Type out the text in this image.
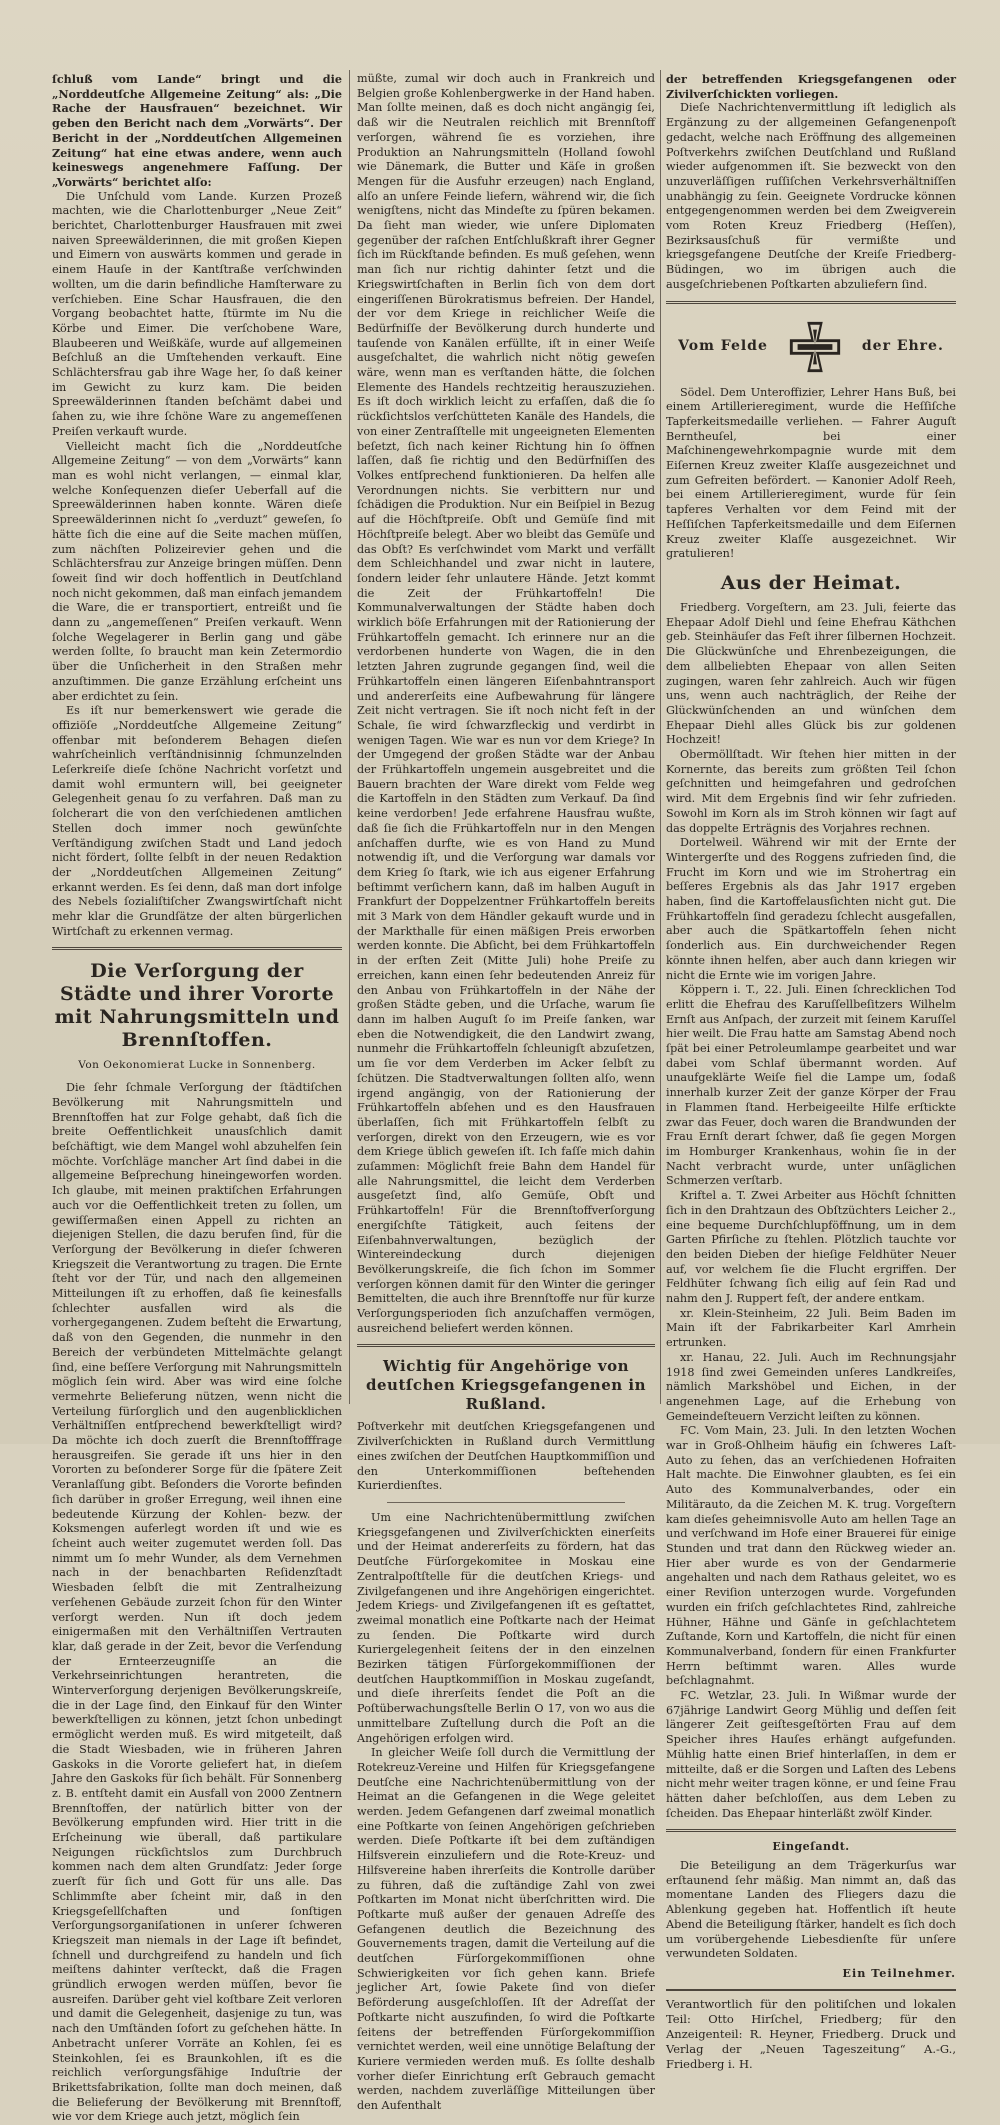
ſchluß vom Lande“ bringt und die „Norddeutſche Allgemeine Zeitung“ als: „Die Rache der Hausfrauen“ bezeichnet. Wir geben den Bericht nach dem „Vorwärts“. Der Bericht in der „Norddeutſchen Allgemeinen Zeitung“ hat eine etwas andere, wenn auch keineswegs angenehmere Faſſung. Der „Vorwärts“ berichtet alſo:

Die Unſchuld vom Lande. Kurzen Prozeß machten, wie die Charlottenburger „Neue Zeit“ berichtet, Charlottenburger Hausfrauen mit zwei naiven Spreewälderinnen, die mit großen Kiepen und Eimern von auswärts kommen und gerade in einem Hauſe in der Kantſtraße verſchwinden wollten, um die darin befindliche Hamſterware zu verſchieben. Eine Schar Hausfrauen, die den Vorgang beobachtet hatte, ſtürmte im Nu die Körbe und Eimer. Die verſchobene Ware, Blaubeeren und Weißkäſe, wurde auf allgemeinen Beſchluß an die Umſtehenden verkauft. Eine Schlächtersfrau gab ihre Wage her, ſo daß keiner im Gewicht zu kurz kam. Die beiden Spreewälderinnen ſtanden beſchämt dabei und ſahen zu, wie ihre ſchöne Ware zu angemeſſenen Preiſen verkauft wurde.

Vielleicht macht ſich die „Norddeutſche Allgemeine Zeitung“ — von dem „Vorwärts“ kann man es wohl nicht verlangen, — einmal klar, welche Konſequenzen dieſer Ueberfall auf die Spreewälderinnen haben konnte. Wären dieſe Spreewälderinnen nicht ſo „verduzt“ geweſen, ſo hätte ſich die eine auf die Seite machen müſſen, zum nächſten Polizeirevier gehen und die Schlächtersfrau zur Anzeige bringen müſſen. Denn ſoweit ſind wir doch hoffentlich in Deutſchland noch nicht gekommen, daß man einfach jemandem die Ware, die er transportiert, entreißt und ſie dann zu „angemeſſenen“ Preiſen verkauft. Wenn ſolche Wegelagerer in Berlin gang und gäbe werden ſollte, ſo braucht man kein Zetermordio über die Unſicherheit in den Straßen mehr anzuſtimmen. Die ganze Erzählung erſcheint uns aber erdichtet zu ſein.

Es iſt nur bemerkenswert wie gerade die offiziöſe „Norddeutſche Allgemeine Zeitung“ offenbar mit beſonderem Behagen dieſen wahrſcheinlich verſtändnisinnig ſchmunzelnden Leſerkreiſe dieſe ſchöne Nachricht vorſetzt und damit wohl ermuntern will, bei geeigneter Gelegenheit genau ſo zu verfahren. Daß man zu ſolcherart die von den verſchiedenen amtlichen Stellen doch immer noch gewünſchte Verſtändigung zwiſchen Stadt und Land jedoch nicht fördert, ſollte ſelbſt in der neuen Redaktion der „Norddeutſchen Allgemeinen Zeitung“ erkannt werden. Es ſei denn, daß man dort infolge des Nebels ſozialiſtiſcher Zwangswirtſchaft nicht mehr klar die Grundſätze der alten bürgerlichen Wirtſchaft zu erkennen vermag.

Die Verſorgung der Städte und ihrer Vororte mit Nahrungsmitteln und Brennſtoffen.
Von Oekonomierat Lucke in Sonnenberg.

Die ſehr ſchmale Verſorgung der ſtädtiſchen Bevölkerung mit Nahrungsmitteln und Brennſtoffen hat zur Folge gehabt, daß ſich die breite Oeffentlichkeit unausſchlich damit beſchäftigt, wie dem Mangel wohl abzuhelfen ſein möchte. Vorſchläge mancher Art ſind dabei in die allgemeine Beſprechung hineingeworfen worden. Ich glaube, mit meinen praktiſchen Erfahrungen auch vor die Oeffentlichkeit treten zu ſollen, um gewiſſermaßen einen Appell zu richten an diejenigen Stellen, die dazu berufen ſind, für die Verſorgung der Bevölkerung in dieſer ſchweren Kriegszeit die Verantwortung zu tragen. Die Ernte ſteht vor der Tür, und nach den allgemeinen Mitteilungen iſt zu erhoffen, daß ſie keinesfalls ſchlechter ausfallen wird als die vorhergegangenen. Zudem beſteht die Erwartung, daß von den Gegenden, die nunmehr in den Bereich der verbündeten Mittelmächte gelangt ſind, eine beſſere Verſorgung mit Nahrungsmitteln möglich ſein wird. Aber was wird eine ſolche vermehrte Belieferung nützen, wenn nicht die Verteilung fürſorglich und den augenblicklichen Verhältniſſen entſprechend bewerkſtelligt wird? Da möchte ich doch zuerſt die Brennſtofffrage herausgreifen. Sie gerade iſt uns hier in den Vororten zu beſonderer Sorge für die ſpätere Zeit Veranlaſſung gibt. Beſonders die Vororte befinden ſich darüber in großer Erregung, weil ihnen eine bedeutende Kürzung der Kohlen- bezw. der Koksmengen auferlegt worden iſt und wie es ſcheint auch weiter zugemutet werden ſoll. Das nimmt um ſo mehr Wunder, als dem Vernehmen nach in der benachbarten Reſidenzſtadt Wiesbaden ſelbſt die mit Zentralheizung verſehenen Gebäude zurzeit ſchon für den Winter verſorgt werden. Nun iſt doch jedem einigermaßen mit den Verhältniſſen Vertrauten klar, daß gerade in der Zeit, bevor die Verſendung der Ernteerzeugniſſe an die Verkehrseinrichtungen herantreten, die Winterverſorgung derjenigen Bevölkerungskreiſe, die in der Lage ſind, den Einkauf für den Winter bewerkſtelligen zu können, jetzt ſchon unbedingt ermöglicht werden muß. Es wird mitgeteilt, daß die Stadt Wiesbaden, wie in früheren Jahren Gaskoks in die Vororte geliefert hat, in dieſem Jahre den Gaskoks für ſich behält. Für Sonnenberg z. B. entſteht damit ein Ausfall von 2000 Zentnern Brennſtoffen, der natürlich bitter von der Bevölkerung empfunden wird. Hier tritt in die Erſcheinung wie überall, daß partikulare Neigungen rückſichtslos zum Durchbruch kommen nach dem alten Grundſatz: Jeder ſorge zuerſt für ſich und Gott für uns alle. Das Schlimmſte aber ſcheint mir, daß in den Kriegsgeſellſchaften und ſonſtigen Verſorgungsorganiſationen in unſerer ſchweren Kriegszeit man niemals in der Lage iſt befindet, ſchnell und durchgreifend zu handeln und ſich meiſtens dahinter verſteckt, daß die Fragen gründlich erwogen werden müſſen, bevor ſie ausreifen. Darüber geht viel koſtbare Zeit verloren und damit die Gelegenheit, dasjenige zu tun, was nach den Umſtänden ſofort zu geſchehen hätte. In Anbetracht unſerer Vorräte an Kohlen, ſei es Steinkohlen, ſei es Braunkohlen, iſt es die reichlich verſorgungsfähige Induſtrie der Brikettsfabrikation, ſollte man doch meinen, daß die Belieferung der Bevölkerung mit Brennſtoff, wie vor dem Kriege auch jetzt, möglich ſein

müßte, zumal wir doch auch in Frankreich und Belgien große Kohlenbergwerke in der Hand haben. Man ſollte meinen, daß es doch nicht angängig ſei, daß wir die Neutralen reichlich mit Brennſtoff verſorgen, während ſie es vorziehen, ihre Produktion an Nahrungsmitteln (Holland ſowohl wie Dänemark, die Butter und Käſe in großen Mengen für die Ausfuhr erzeugen) nach England, alſo an unſere Feinde liefern, während wir, die ſich wenigſtens, nicht das Mindeſte zu ſpüren bekamen. Da ſieht man wieder, wie unſere Diplomaten gegenüber der raſchen Entſchlußkraft ihrer Gegner ſich im Rückſtande befinden. Es muß geſehen, wenn man ſich nur richtig dahinter ſetzt und die Kriegswirtſchaften in Berlin ſich von dem dort eingeriſſenen Bürokratismus befreien. Der Handel, der vor dem Kriege in reichlicher Weiſe die Bedürfniſſe der Bevölkerung durch hunderte und tauſende von Kanälen erfüllte, iſt in einer Weiſe ausgeſchaltet, die wahrlich nicht nötig geweſen wäre, wenn man es verſtanden hätte, die ſolchen Elemente des Handels rechtzeitig herauszuziehen. Es iſt doch wirklich leicht zu erfaſſen, daß die ſo rückſichtslos verſchütteten Kanäle des Handels, die von einer Zentraſſtelle mit ungeeigneten Elementen beſetzt, ſich nach keiner Richtung hin ſo öffnen laſſen, daß ſie richtig und den Bedürfniſſen des Volkes entſprechend funktionieren. Da helfen alle Verordnungen nichts. Sie verbittern nur und ſchädigen die Produktion. Nur ein Beiſpiel in Bezug auf die Höchſtpreiſe. Obſt und Gemüſe ſind mit Höchſtpreiſe belegt. Aber wo bleibt das Gemüſe und das Obſt? Es verſchwindet vom Markt und verfällt dem Schleichhandel und zwar nicht in lautere, ſondern leider ſehr unlautere Hände. Jetzt kommt die Zeit der Frühkartoffeln! Die Kommunalverwaltungen der Städte haben doch wirklich böſe Erfahrungen mit der Rationierung der Frühkartoffeln gemacht. Ich erinnere nur an die verdorbenen hunderte von Wagen, die in den letzten Jahren zugrunde gegangen ſind, weil die Frühkartoffeln einen längeren Eiſenbahntransport und andererſeits eine Aufbewahrung für längere Zeit nicht vertragen. Sie iſt noch nicht feſt in der Schale, ſie wird ſchwarzfleckig und verdirbt in wenigen Tagen. Wie war es nun vor dem Kriege? In der Umgegend der großen Städte war der Anbau der Frühkartoffeln ungemein ausgebreitet und die Bauern brachten der Ware direkt vom Felde weg die Kartoffeln in den Städten zum Verkauf. Da ſind keine verdorben! Jede erfahrene Hausfrau wußte, daß ſie ſich die Frühkartoffeln nur in den Mengen anſchaffen durfte, wie es von Hand zu Mund notwendig iſt, und die Verſorgung war damals vor dem Krieg ſo ſtark, wie ich aus eigener Erfahrung beſtimmt verſichern kann, daß im halben Auguſt in Frankfurt der Doppelzentner Frühkartoffeln bereits mit 3 Mark von dem Händler gekauft wurde und in der Markthalle für einen mäßigen Preis erworben werden konnte. Die Abſicht, bei dem Frühkartoffeln in der erſten Zeit (Mitte Juli) hohe Preiſe zu erreichen, kann einen ſehr bedeutenden Anreiz für den Anbau von Frühkartoffeln in der Nähe der großen Städte geben, und die Urſache, warum ſie dann im halben Auguſt ſo im Preiſe ſanken, war eben die Notwendigkeit, die den Landwirt zwang, nunmehr die Frühkartoffeln ſchleunigſt abzuſetzen, um ſie vor dem Verderben im Acker ſelbſt zu ſchützen. Die Stadtverwaltungen ſollten alſo, wenn irgend angängig, von der Rationierung der Frühkartoffeln abſehen und es den Hausfrauen überlaſſen, ſich mit Frühkartoffeln ſelbſt zu verſorgen, direkt von den Erzeugern, wie es vor dem Kriege üblich geweſen iſt. Ich faſſe mich dahin zuſammen: Möglichſt freie Bahn dem Handel für alle Nahrungsmittel, die leicht dem Verderben ausgeſetzt ſind, alſo Gemüſe, Obſt und Frühkartoffeln! Für die Brennſtoffverſorgung energiſchſte Tätigkeit, auch ſeitens der Eiſenbahnverwaltungen, bezüglich der Wintereindeckung durch diejenigen Bevölkerungskreiſe, die ſich ſchon im Sommer verſorgen können damit für den Winter die geringer Bemittelten, die auch ihre Brennſtoffe nur für kurze Verſorgungsperioden ſich anzuſchaffen vermögen, ausreichend beliefert werden können.

Wichtig für Angehörige von deutſchen Kriegsgefangenen in Rußland.

Poſtverkehr mit deutſchen Kriegsgefangenen und Zivilverſchickten in Rußland durch Vermittlung eines zwiſchen der Deutſchen Hauptkommiſſion und den Unterkommiſſionen beſtehenden Kurierdienſtes.

Um eine Nachrichtenübermittlung zwiſchen Kriegsgefangenen und Zivilverſchickten einerſeits und der Heimat andererſeits zu fördern, hat das Deutſche Fürſorgekomitee in Moskau eine Zentralpoſtſtelle für die deutſchen Kriegs- und Zivilgefangenen und ihre Angehörigen eingerichtet. Jedem Kriegs- und Zivilgefangenen iſt es geſtattet, zweimal monatlich eine Poſtkarte nach der Heimat zu ſenden. Die Poſtkarte wird durch Kuriergelegenheit ſeitens der in den einzelnen Bezirken tätigen Fürſorgekommiſſionen der deutſchen Hauptkommiſſion in Moskau zugeſandt, und dieſe ihrerſeits ſendet die Poſt an die Poſtüberwachungsſtelle Berlin O 17, von wo aus die unmittelbare Zuſtellung durch die Poſt an die Angehörigen erfolgen wird.

In gleicher Weiſe ſoll durch die Vermittlung der Rotekreuz-Vereine und Hilfen für Kriegsgefangene Deutſche eine Nachrichtenübermittlung von der Heimat an die Gefangenen in die Wege geleitet werden. Jedem Gefangenen darf zweimal monatlich eine Poſtkarte von ſeinen Angehörigen geſchrieben werden. Dieſe Poſtkarte iſt bei dem zuſtändigen Hilfsverein einzuliefern und die Rote-Kreuz- und Hilfsvereine haben ihrerſeits die Kontrolle darüber zu führen, daß die zuſtändige Zahl von zwei Poſtkarten im Monat nicht überſchritten wird. Die Poſtkarte muß außer der genauen Adreſſe des Gefangenen deutlich die Bezeichnung des Gouvernements tragen, damit die Verteilung auf die deutſchen Fürſorgekommiſſionen ohne Schwierigkeiten vor ſich gehen kann. Briefe jeglicher Art, ſowie Pakete ſind von dieſer Beförderung ausgeſchloſſen. Iſt der Adreſſat der Poſtkarte nicht auszufinden, ſo wird die Poſtkarte ſeitens der betreffenden Fürſorgekommiſſion vernichtet werden, weil eine unnötige Belaſtung der Kuriere vermieden werden muß. Es ſollte deshalb vorher dieſer Einrichtung erſt Gebrauch gemacht werden, nachdem zuverläſſige Mitteilungen über den Aufenthalt

der betreffenden Kriegsgefangenen oder Zivilverſchickten vorliegen.

Dieſe Nachrichtenvermittlung iſt lediglich als Ergänzung zu der allgemeinen Gefangenenpoſt gedacht, welche nach Eröffnung des allgemeinen Poſtverkehrs zwiſchen Deutſchland und Rußland wieder aufgenommen iſt. Sie bezweckt von den unzuverläſſigen ruſſiſchen Verkehrsverhältniſſen unabhängig zu ſein. Geeignete Vordrucke können entgegengenommen werden bei dem Zweigverein vom Roten Kreuz Friedberg (Heſſen), Bezirksausſchuß für vermißte und kriegsgefangene Deutſche der Kreiſe Friedberg-Büdingen, wo im übrigen auch die ausgeſchriebenen Poſtkarten abzuliefern ſind.

Vom Felde	der Ehre.

Södel. Dem Unteroffizier, Lehrer Hans Buß, bei einem Artillerieregiment, wurde die Heſſiſche Tapferkeitsmedaille verliehen. — Fahrer Auguſt Berntheuſel, bei einer Maſchinengewehrkompagnie wurde mit dem Eiſernen Kreuz zweiter Klaſſe ausgezeichnet und zum Gefreiten befördert. — Kanonier Adolf Reeh, bei einem Artillerieregiment, wurde für ſein tapferes Verhalten vor dem Feind mit der Heſſiſchen Tapferkeitsmedaille und dem Eiſernen Kreuz zweiter Klaſſe ausgezeichnet. Wir gratulieren!

Aus der Heimat.

Friedberg. Vorgeſtern, am 23. Juli, feierte das Ehepaar Adolf Diehl und ſeine Ehefrau Käthchen geb. Steinhäuſer das Feſt ihrer ſilbernen Hochzeit. Die Glückwünſche und Ehrenbezeigungen, die dem allbeliebten Ehepaar von allen Seiten zugingen, waren ſehr zahlreich. Auch wir fügen uns, wenn auch nachträglich, der Reihe der Glückwünſchenden an und wünſchen dem Ehepaar Diehl alles Glück bis zur goldenen Hochzeit!

Obermöllſtadt. Wir ſtehen hier mitten in der Kornernte, das bereits zum größten Teil ſchon geſchnitten und heimgefahren und gedroſchen wird. Mit dem Ergebnis ſind wir ſehr zufrieden. Sowohl im Korn als im Stroh können wir ſagt auf das doppelte Erträgnis des Vorjahres rechnen.

Dortelweil. Während wir mit der Ernte der Wintergerſte und des Roggens zufrieden ſind, die Frucht im Korn und wie im Strohertrag ein beſſeres Ergebnis als das Jahr 1917 ergeben haben, ſind die Kartoffelausſichten nicht gut. Die Frühkartoffeln ſind geradezu ſchlecht ausgefallen, aber auch die Spätkartoffeln ſehen nicht ſonderlich aus. Ein durchweichender Regen könnte ihnen helfen, aber auch dann kriegen wir nicht die Ernte wie im vorigen Jahre.

Köppern i. T., 22. Juli. Einen ſchrecklichen Tod erlitt die Ehefrau des Karuſſellbeſitzers Wilhelm Ernſt aus Anſpach, der zurzeit mit ſeinem Karuſſel hier weilt. Die Frau hatte am Samstag Abend noch ſpät bei einer Petroleumlampe gearbeitet und war dabei vom Schlaf übermannt worden. Auf unaufgeklärte Weiſe fiel die Lampe um, ſodaß innerhalb kurzer Zeit der ganze Körper der Frau in Flammen ſtand. Herbeigeeilte Hilfe erſtickte zwar das Feuer, doch waren die Brandwunden der Frau Ernſt derart ſchwer, daß ſie gegen Morgen im Homburger Krankenhaus, wohin ſie in der Nacht verbracht wurde, unter unſäglichen Schmerzen verſtarb.

Kriftel a. T. Zwei Arbeiter aus Höchſt ſchnitten ſich in den Drahtzaun des Obſtzüchters Leicher 2., eine bequeme Durchſchlupföffnung, um in dem Garten Pfirſiche zu ſtehlen. Plötzlich tauchte vor den beiden Dieben der hieſige Feldhüter Neuer auf, vor welchem ſie die Flucht ergriffen. Der Feldhüter ſchwang ſich eilig auf ſein Rad und nahm den J. Ruppert feſt, der andere entkam.

xr. Klein-Steinheim, 22 Juli. Beim Baden im Main iſt der Fabrikarbeiter Karl Amrhein ertrunken.

xr. Hanau, 22. Juli. Auch im Rechnungsjahr 1918 ſind zwei Gemeinden unſeres Landkreiſes, nämlich Markshöbel und Eichen, in der angenehmen Lage, auf die Erhebung von Gemeindeſteuern Verzicht leiſten zu können.

FC. Vom Main, 23. Juli. In den letzten Wochen war in Groß-Ohlheim häufig ein ſchweres Laſt-Auto zu ſehen, das an verſchiedenen Hofraiten Halt machte. Die Einwohner glaubten, es ſei ein Auto des Kommunalverbandes, oder ein Militärauto, da die Zeichen M. K. trug. Vorgeſtern kam dieſes geheimnisvolle Auto am hellen Tage an und verſchwand im Hofe einer Brauerei für einige Stunden und trat dann den Rückweg wieder an. Hier aber wurde es von der Gendarmerie angehalten und nach dem Rathaus geleitet, wo es einer Reviſion unterzogen wurde. Vorgefunden wurden ein friſch geſchlachtetes Rind, zahlreiche Hühner, Hähne und Gänſe in geſchlachtetem Zuſtande, Korn und Kartoffeln, die nicht für einen Kommunalverband, ſondern für einen Frankfurter Herrn beſtimmt waren. Alles wurde beſchlagnahmt.

FC. Wetzlar, 23. Juli. In Wißmar wurde der 67jährige Landwirt Georg Mühlig und deſſen ſeit längerer Zeit geiſtesgeſtörten Frau auf dem Speicher ihres Hauſes erhängt aufgefunden. Mühlig hatte einen Brief hinterlaſſen, in dem er mitteilte, daß er die Sorgen und Laſten des Lebens nicht mehr weiter tragen könne, er und ſeine Frau hätten daher beſchloſſen, aus dem Leben zu ſcheiden. Das Ehepaar hinterläßt zwölf Kinder.

Eingeſandt.

Die Beteiligung an dem Trägerkurſus war erſtaunend ſehr mäßig. Man nimmt an, daß das momentane Landen des Fliegers dazu die Ablenkung gegeben hat. Hoffentlich iſt heute Abend die Beteiligung ſtärker, handelt es ſich doch um vorübergehende Liebesdienſte für unſere verwundeten Soldaten.

Ein Teilnehmer.

Verantwortlich für den politiſchen und lokalen Teil: Otto Hirſchel, Friedberg; für den Anzeigenteil: R. Heyner, Friedberg. Druck und Verlag der „Neuen Tageszeitung“ A.-G., Friedberg i. H.
